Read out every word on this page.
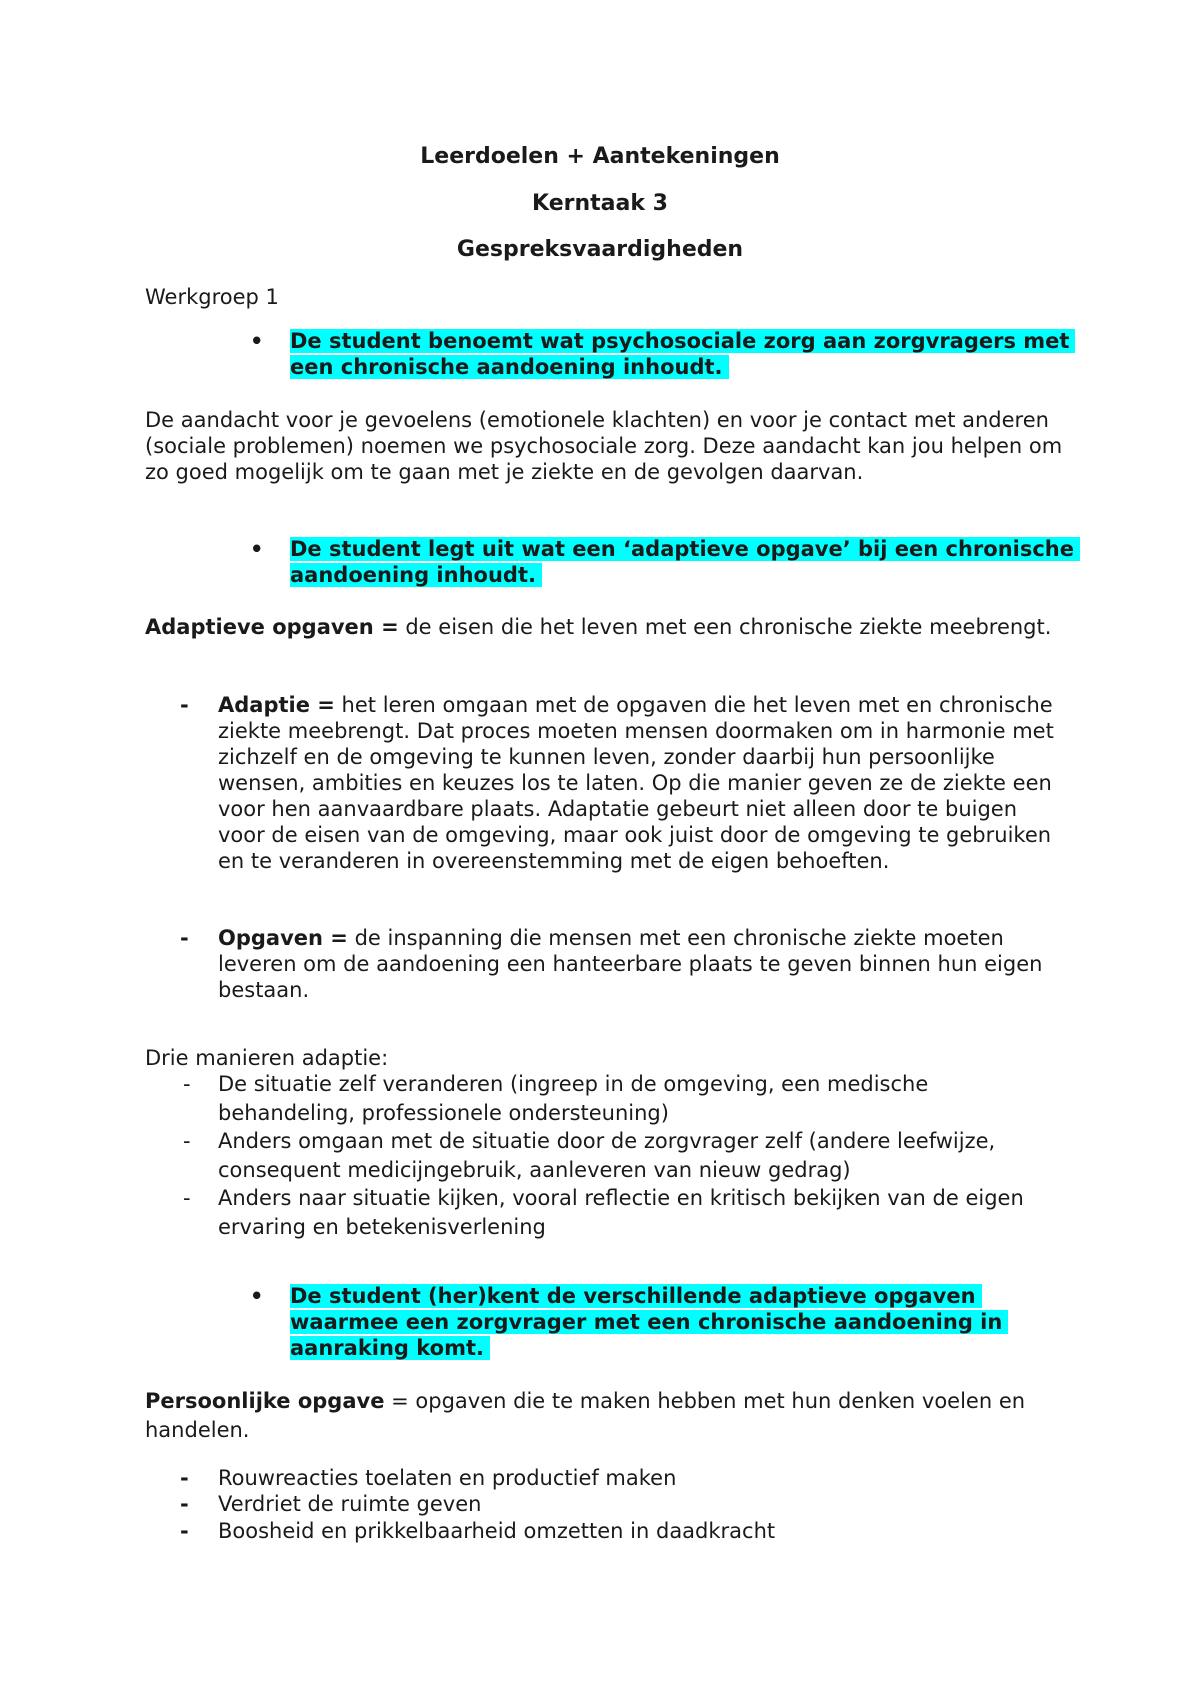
Leerdoelen + Aantekeningen
Kerntaak 3
Gespreksvaardigheden
Werkgroep 1
• De student benoemt wat psychosociale zorg aan zorgvragers met een chronische aandoening inhoudt.

De aandacht voor je gevoelens (emotionele klachten) en voor je contact met anderen (sociale problemen) noemen we psychosociale zorg. Deze aandacht kan jou helpen om zo goed mogelijk om te gaan met je ziekte en de gevolgen daarvan.

• De student legt uit wat een ‘adaptieve opgave’ bij een chronische aandoening inhoudt.

Adaptieve opgaven = de eisen die het leven met een chronische ziekte meebrengt.

- Adaptie = het leren omgaan met de opgaven die het leven met en chronische ziekte meebrengt. Dat proces moeten mensen doormaken om in harmonie met zichzelf en de omgeving te kunnen leven, zonder daarbij hun persoonlijke wensen, ambities en keuzes los te laten. Op die manier geven ze de ziekte een voor hen aanvaardbare plaats. Adaptatie gebeurt niet alleen door te buigen voor de eisen van de omgeving, maar ook juist door de omgeving te gebruiken en te veranderen in overeenstemming met de eigen behoeften.

- Opgaven = de inspanning die mensen met een chronische ziekte moeten leveren om de aandoening een hanteerbare plaats te geven binnen hun eigen bestaan.

Drie manieren adaptie:

- De situatie zelf veranderen (ingreep in de omgeving, een medische behandeling, professionele ondersteuning)

- Anders omgaan met de situatie door de zorgvrager zelf (andere leefwijze, consequent medicijngebruik, aanleveren van nieuw gedrag)

- Anders naar situatie kijken, vooral reflectie en kritisch bekijken van de eigen ervaring en betekenisverlening

• De student (her)kent de verschillende adaptieve opgaven waarmee een zorgvrager met een chronische aandoening in aanraking komt.

Persoonlijke opgave = opgaven die te maken hebben met hun denken voelen en handelen.

- Rouwreacties toelaten en productief maken

- Verdriet de ruimte geven

- Boosheid en prikkelbaarheid omzetten in daadkracht
